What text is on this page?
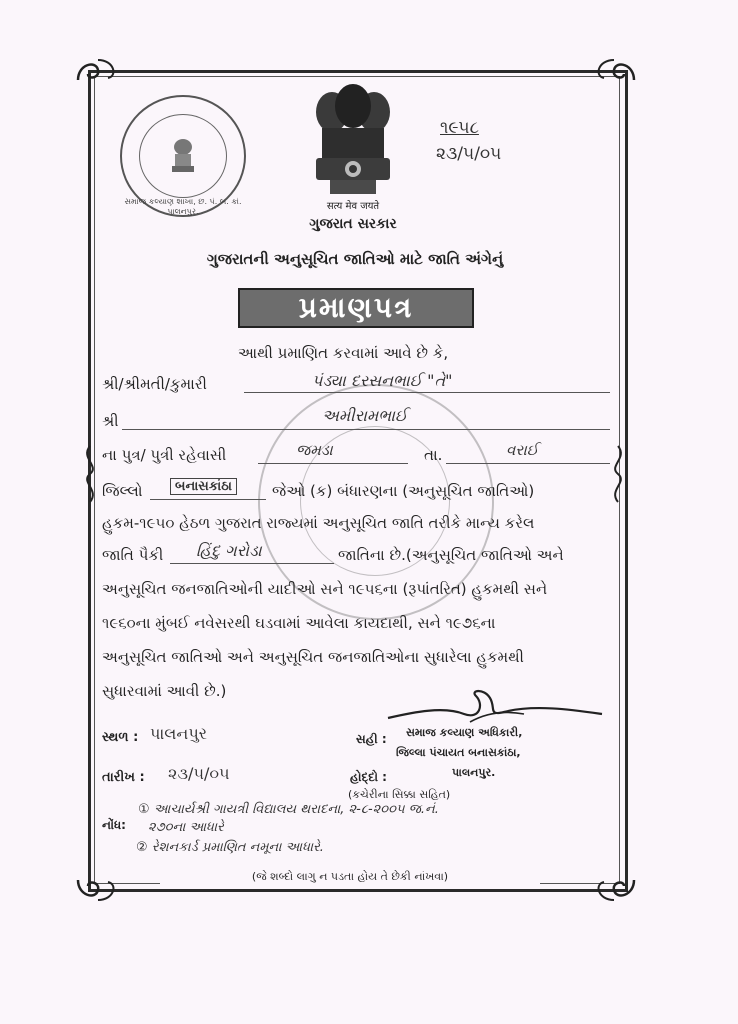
સમાજ કલ્યાણ શાખા, છ. પં. બ. કાં. પાલનપુર.	सत्य मेव जयते
ગુજરાત સરકાર
૧૯૫૮
૨૩/૫/૦૫
ગુજરાતની અનુસૂચિત જાતિઓ માટે જાતિ અંગેનું
પ્રમાણપત્ર
આથી પ્રમાણિત કરવામાં આવે છે કે,
શ્રી/શ્રીમતી/કુમારી	પંડ્યા દરસનભાઈ "તે"
શ્રી	અમીરામભાઈ
ના પુત્ર/ પુત્રી રહેવાસી	જમડા	તા.	વરાઈ
જિલ્લો	બનાસકાંઠા	જેઓ (ક) બંધારણના (અનુસૂચિત જાતિઓ)
હુકમ-૧૯૫૦ હેઠળ ગુજરાત રાજ્યમાં અનુસૂચિત જાતિ તરીકે માન્ય કરેલ
જાતિ પૈકી હિંદુ ગરોડા	જાતિના છે.(અનુસૂચિત જાતિઓ અને
અનુસૂચિત જનજાતિઓની યાદીઓ સને ૧૯૫૬ના (રૂપાંતરિત) હુકમથી સને
૧૯૬૦ના મુંબઈ નવેસરથી ઘડવામાં આવેલા કાયદાથી, સને ૧૯૭૬ના
અનુસૂચિત જાતિઓ અને અનુસૂચિત જનજાતિઓના સુધારેલા હુકમથી
સુધારવામાં આવી છે.)
સ્થળ : પાલનપુર	સહી : સમાજ કલ્યાણ અધિકારી,
જિલ્લા પંચાયત બનાસકાંઠા,
પાલનપુર.
તારીખ : ૨૩/૫/૦૫	હોદ્દો :
(કચેરીના સિક્કા સહિત)
નોંધ:
① આચાર્યશ્રી ગાયત્રી વિદ્યાલય થરાદના, ૨-૮-૨૦૦૫ જ.નં.
૨૭૦ના આધારે
② રેશનકાર્ડ પ્રમાણિત નમૂના આધારે.
(જે શબ્દો લાગુ ન પડતા હોય તે છેકી નાંખવા)
